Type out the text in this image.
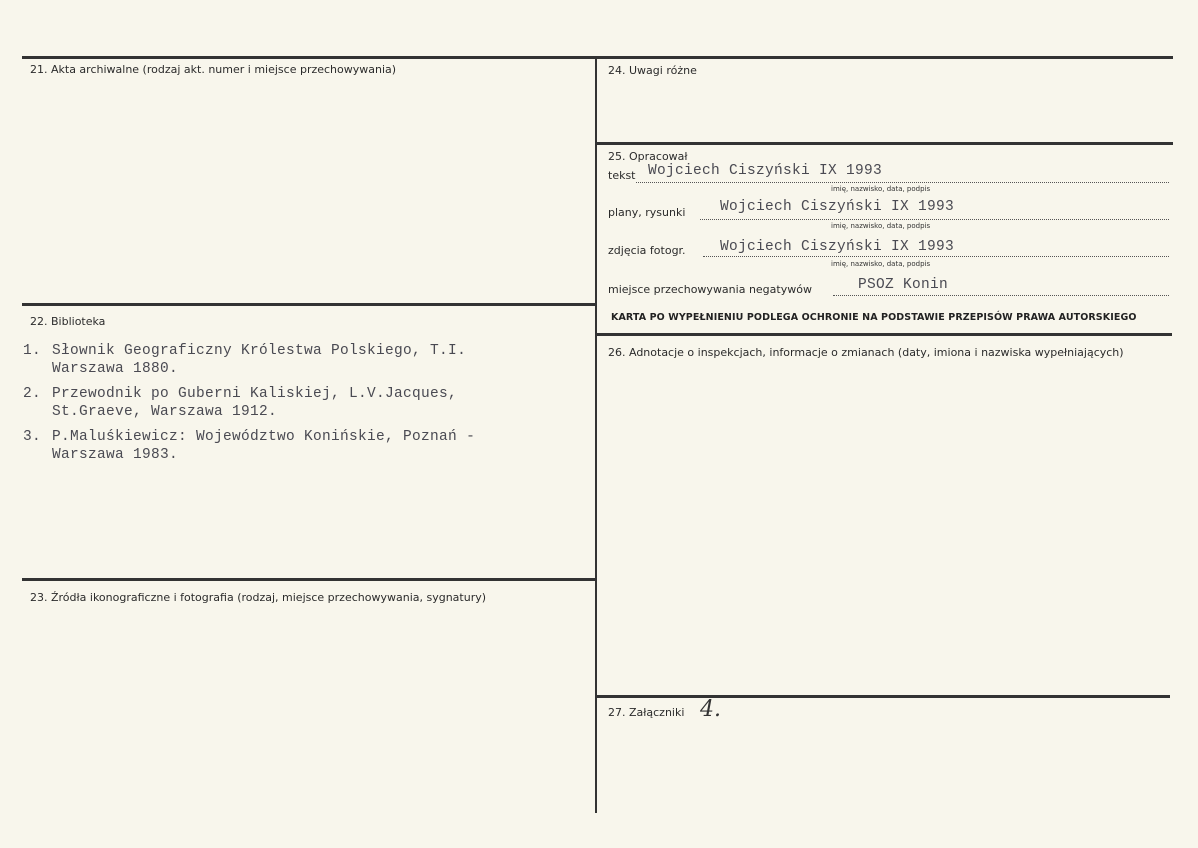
21. Akta archiwalne (rodzaj akt. numer i miejsce przechowywania)
22. Biblioteka
1. Słownik Geograficzny Królestwa Polskiego, T.I.
Warszawa 1880.
2. Przewodnik po Guberni Kaliskiej, L.V.Jacques,
St.Graeve, Warszawa 1912.
3. P.Maluśkiewicz: Województwo Konińskie, Poznań -
Warszawa 1983.
23. Źródła ikonograficzne i fotografia (rodzaj, miejsce przechowywania, sygnatury)
24. Uwagi różne
25. Opracował
tekst Wojciech Ciszyński IX 1993
imię, nazwisko, data, podpis
plany, rysunki Wojciech Ciszyński IX 1993
imię, nazwisko, data, podpis
zdjęcia fotogr. Wojciech Ciszyński IX 1993
imię, nazwisko, data, podpis
miejsce przechowywania negatywów	PSOZ Konin
KARTA PO WYPEŁNIENIU PODLEGA OCHRONIE NA PODSTAWIE PRZEPISÓW PRAWA AUTORSKIEGO
26. Adnotacje o inspekcjach, informacje o zmianach (daty, imiona i nazwiska wypełniających)
27. Załączniki 4.
